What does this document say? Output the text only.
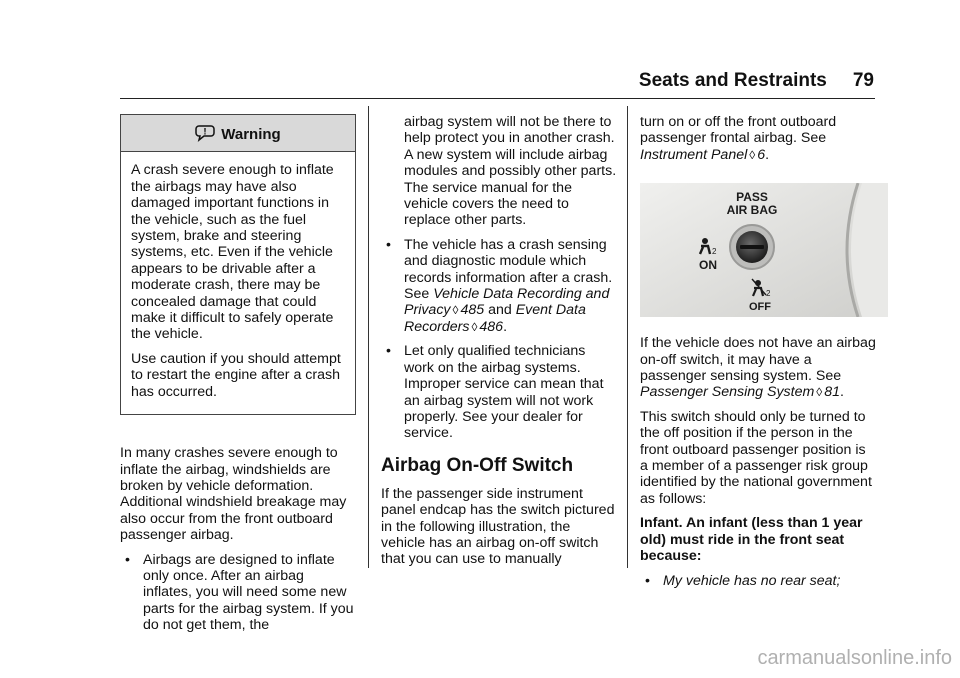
Seats and Restraints 79
! Warning

A crash severe enough to inflate the airbags may have also damaged important functions in the vehicle, such as the fuel system, brake and steering systems, etc. Even if the vehicle appears to be drivable after a moderate crash, there may be concealed damage that could make it difficult to safely operate the vehicle.

Use caution if you should attempt to restart the engine after a crash has occurred.

In many crashes severe enough to inflate the airbag, windshields are broken by vehicle deformation. Additional windshield breakage may also occur from the front outboard passenger airbag.

• Airbags are designed to inflate only once. After an airbag inflates, you will need some new parts for the airbag system. If you do not get them, the

airbag system will not be there to help protect you in another crash. A new system will include airbag modules and possibly other parts. The service manual for the vehicle covers the need to replace other parts.

• The vehicle has a crash sensing and diagnostic module which records information after a crash.
See Vehicle Data Recording and Privacy ◊ 485 and Event Data Recorders ◊ 486.
• Let only qualified technicians work on the airbag systems. Improper service can mean that an airbag system will not work properly. See your dealer for service.
Airbag On-Off Switch

If the passenger side instrument panel endcap has the switch pictured in the following illustration, the vehicle has an airbag on-off switch that you can use to manually

turn on or off the front outboard passenger frontal airbag. See Instrument Panel ◊ 6.

PASS
AIR BAG
2
ON
2
OFF

If the vehicle does not have an airbag on-off switch, it may have a passenger sensing system. See Passenger Sensing System ◊ 81.

This switch should only be turned to the off position if the person in the front outboard passenger position is a member of a passenger risk group identified by the national government as follows:

Infant. An infant (less than 1 year old) must ride in the front seat because:

• My vehicle has no rear seat;
carmanualsonline.info
